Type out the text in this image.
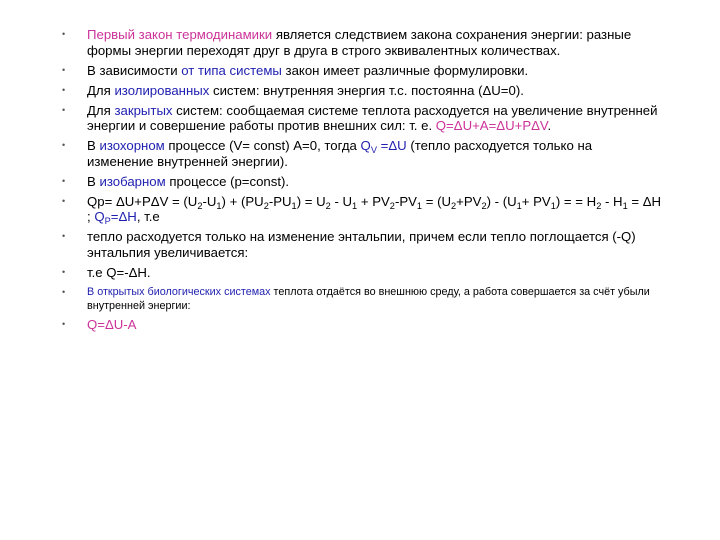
• Первый закон термодинамики является следствием закона сохранения энергии: разные формы энергии переходят друг в друга в строго эквивалентных количествах.
• В зависимости от типа системы закон имеет различные формулировки.
• Для изолированных систем: внутренняя энергия т.с. постоянна (ΔU=0).
• Для закрытых систем: сообщаемая системе теплота расходуется на увеличение внутренней энергии и совершение работы против внешних сил: т. е. Q=ΔU+A=ΔU+PΔV.
• В изохорном процессе (V= const) A=0, тогда $Q_V =\Delta U$ (тепло расходуется только на изменение внутренней энергии).
• В изобарном процессе (p=const).
• $Qp= \Delta U+P\Delta V = (U_2-U_1) + (PU_2-PU_1) = U_2 - U_1 + PV_2-PV_1 = (U_2+PV_2) - (U_1+ PV_1)$ = = $H_2 - H_1 = \Delta H$ ; $Q_P=\Delta H$, т.е
• тепло расходуется только на изменение энтальпии, причем если тепло поглощается (-Q) энтальпия увеличивается:
• т.е Q=-ΔH.
• В открытых биологических системах теплота отдаётся во внешнюю среду, а работа совершается за счёт убыли внутренней энергии:
• Q=ΔU-A
